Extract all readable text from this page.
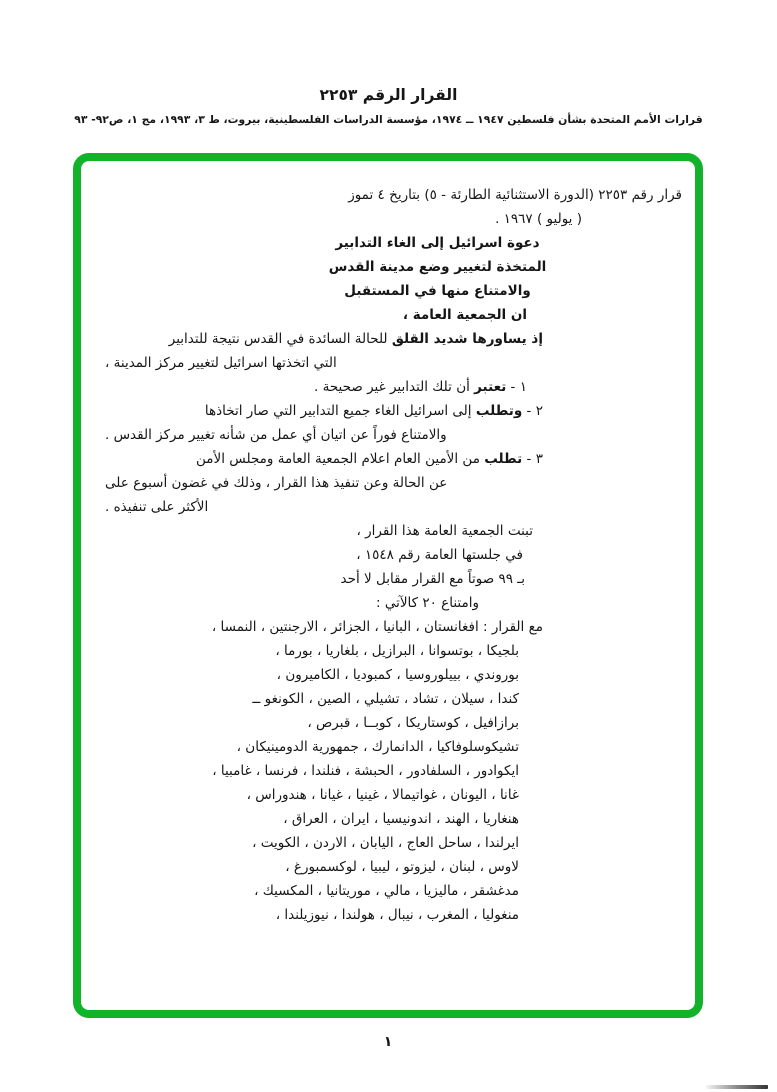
القرار الرقم ٢٢٥٣
قرارات الأمم المتحدة بشأن فلسطين ١٩٤٧ ــ ١٩٧٤، مؤسسة الدراسات الفلسطينية، بيروت، ط ٣، ١٩٩٣، مج ١، ص٩٢- ٩٣
قرار رقم ٢٢٥٣ (الدورة الاستثنائية الطارئة - ٥) بتاريخ ٤ تموز
( يوليو ) ١٩٦٧ .
دعوة اسرائيل إلى الغاء التدابير
المتخذة لتغيير وضع مدينة القدس
والامتناع منها في المستقبل
ان الجمعية العامة ،
إذ يساورها شديد القلق للحالة السائدة في القدس نتيجة للتدابير
التي اتخذتها اسرائيل لتغيير مركز المدينة ،
١ - تعتبر أن تلك التدابير غير صحيحة .
٢ - وتطلب إلى اسرائيل الغاء جميع التدابير التي صار اتخاذها
والامتناع فوراً عن اتيان أي عمل من شأنه تغيير مركز القدس .
٣ - تطلب من الأمين العام اعلام الجمعية العامة ومجلس الأمن
عن الحالة وعن تنفيذ هذا القرار ، وذلك في غضون أسبوع على
الأكثر على تنفيذه .
تبنت الجمعية العامة هذا القرار ،
في جلستها العامة رقم ١٥٤٨ ،
بـ ٩٩ صوتاً مع القرار مقابل لا أحد
وامتناع ٢٠ كالآتي :
مع القرار : افغانستان ، البانيا ، الجزائر ، الارجنتين ، النمسا ،
بلجيكا ، بوتسوانا ، البرازيل ، بلغاريا ، بورما ،
بوروندي ، بييلوروسيا ، كمبوديا ، الكاميرون ،
كندا ، سيلان ، تشاد ، تشيلي ، الصين ، الكونغو ــ
برازافيل ، كوستاريكا ، كوبــا ، قبرص ،
تشيكوسلوفاكيا ، الدانمارك ، جمهورية الدومينيكان ،
ايكوادور ، السلفادور ، الحبشة ، فنلندا ، فرنسا ، غامبيا ،
غانا ، اليونان ، غواتيمالا ، غينيا ، غيانا ، هندوراس ،
هنغاريا ، الهند ، اندونيسيا ، ايران ، العراق ،
ايرلندا ، ساحل العاج ، اليابان ، الاردن ، الكويت ،
لاوس ، لبنان ، ليزوتو ، ليبيا ، لوكسمبورغ ،
مدغشقر ، ماليزيا ، مالي ، موريتانيا ، المكسيك ،
منغوليا ، المغرب ، نيبال ، هولندا ، نيوزيلندا ،
١
